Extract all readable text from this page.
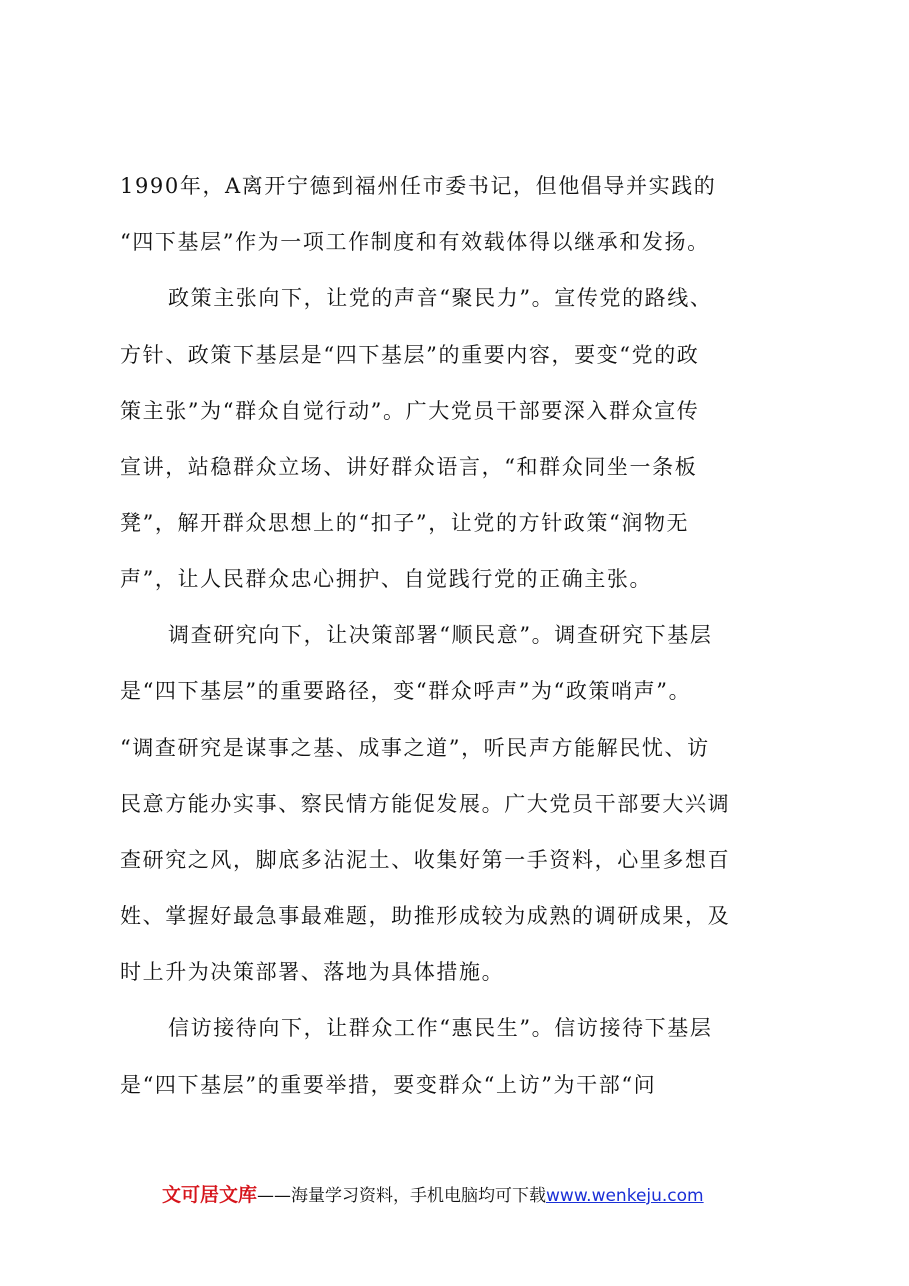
1990年，A离开宁德到福州任市委书记，但他倡导并实践的
“四下基层”作为一项工作制度和有效载体得以继承和发扬。
政策主张向下，让党的声音“聚民力”。宣传党的路线、
方针、政策下基层是“四下基层”的重要内容，要变“党的政
策主张”为“群众自觉行动”。广大党员干部要深入群众宣传
宣讲，站稳群众立场、讲好群众语言，“和群众同坐一条板
凳”，解开群众思想上的“扣子”，让党的方针政策“润物无
声”，让人民群众忠心拥护、自觉践行党的正确主张。
调查研究向下，让决策部署“顺民意”。调查研究下基层
是“四下基层”的重要路径，变“群众呼声”为“政策哨声”。
“调查研究是谋事之基、成事之道”，听民声方能解民忧、访
民意方能办实事、察民情方能促发展。广大党员干部要大兴调
查研究之风，脚底多沾泥土、收集好第一手资料，心里多想百
姓、掌握好最急事最难题，助推形成较为成熟的调研成果，及
时上升为决策部署、落地为具体措施。
信访接待向下，让群众工作“惠民生”。信访接待下基层
是“四下基层”的重要举措，要变群众“上访”为干部“问
文可居文库——海量学习资料，手机电脑均可下载www.wenkeju.com
